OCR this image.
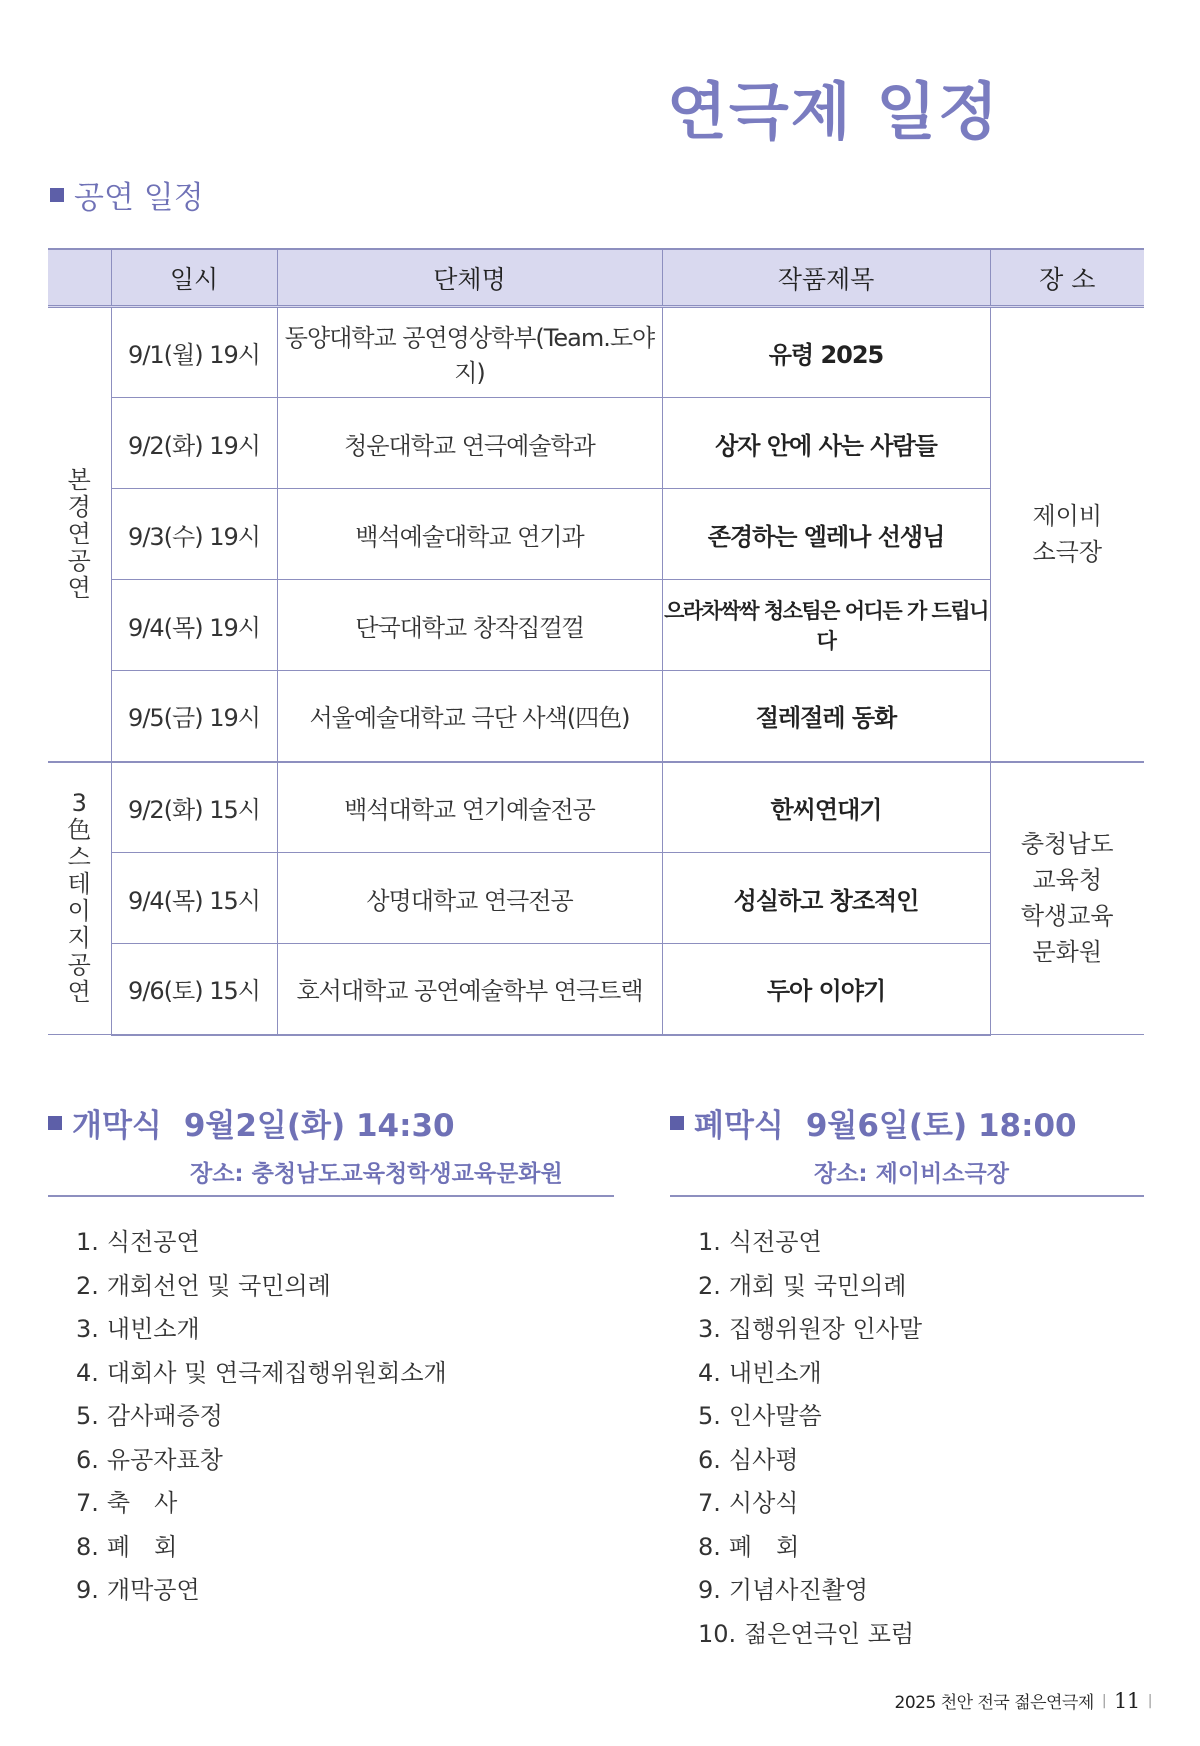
연극제 일정
공연 일정
	일시	단체명	작품제목	장 소
본경연공연	9/1(월) 19시	동양대학교 공연영상학부(Team.도야지)	유령 2025	제이비
소극장

	9/2(화) 19시	청운대학교 연극예술학과	상자 안에 사는 사람들	
	9/3(수) 19시	백석예술대학교 연기과	존경하는 엘레나 선생님	
	9/4(목) 19시	단국대학교 창작집껄껄	으라차싹싹 청소팀은 어디든 가 드립니다	
	9/5(금) 19시	서울예술대학교 극단 사색(四色)	절레절레 동화	
3色스테이지공연	9/2(화) 15시	백석대학교 연기예술전공	한씨연대기	충청남도
교육청
학생교육
문화원

	9/4(목) 15시	상명대학교 연극전공	성실하고 창조적인	
	9/6(토) 15시	호서대학교 공연예술학부 연극트랙	두아 이야기	
개막식 9월2일(화) 14:30
장소: 충청남도교육청학생교육문화원
1. 식전공연
2. 개회선언 및 국민의례
3. 내빈소개
4. 대회사 및 연극제집행위원회소개
5. 감사패증정
6. 유공자표창
7. 축　사
8. 폐　회
9. 개막공연
폐막식 9월6일(토) 18:00
장소: 제이비소극장
1. 식전공연
2. 개회 및 국민의례
3. 집행위원장 인사말
4. 내빈소개
5. 인사말씀
6. 심사평
7. 시상식
8. 폐　회
9. 기념사진촬영
10. 젊은연극인 포럼
2025 천안 전국 젊은연극제 | 11 |
